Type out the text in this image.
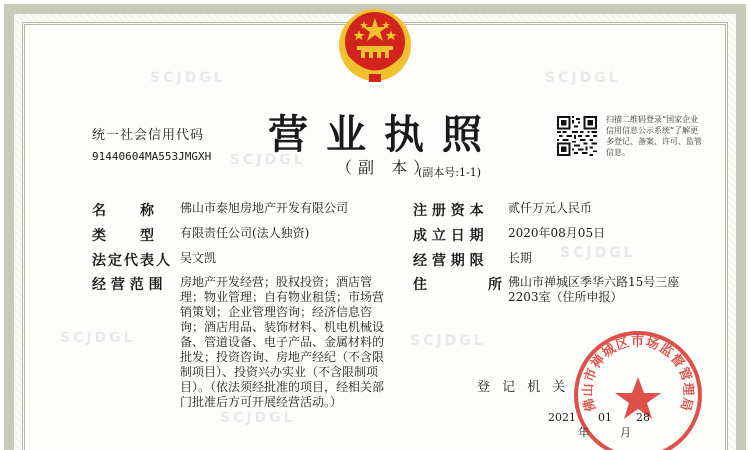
SCJDGL	SCJDGL
SCJDGL
SCJDGL
SCJDGL	SCJDGL
SCJDGL
营业执照
（副 本）
(副本号:1-1)
统一社会信用代码
91440604MA553JMGXH
扫描二维码登录“国家企业信用信息公示系统”了解更多登记、备案、许可、监管信息。
名　　称 佛山市泰旭房地产开发有限公司
类　　型 有限责任公司(法人独资)
法定代表人 吴文凯
经 营 范 围 房地产开发经营；股权投资；酒店管理；物业管理；自有物业租赁；市场营销策划；企业管理咨询；经济信息咨询；酒店用品、装饰材料、机电机械设备、管道设备、电子产品、金属材料的批发；投资咨询、房地产经纪（不含限制项目）、投资兴办实业（不含限制项目）。（依法须经批准的项目，经相关部门批准后方可开展经营活动。）
注 册 资 本 贰仟万元人民币
成 立 日 期 2020年08月05日
经 营 期 限 长期
住　　　　所 佛山市禅城区季华六路15号三座2203室（住所申报）
佛山市禅城区市场监督管理局
登 记 机 关
2021
年
01
月
28
